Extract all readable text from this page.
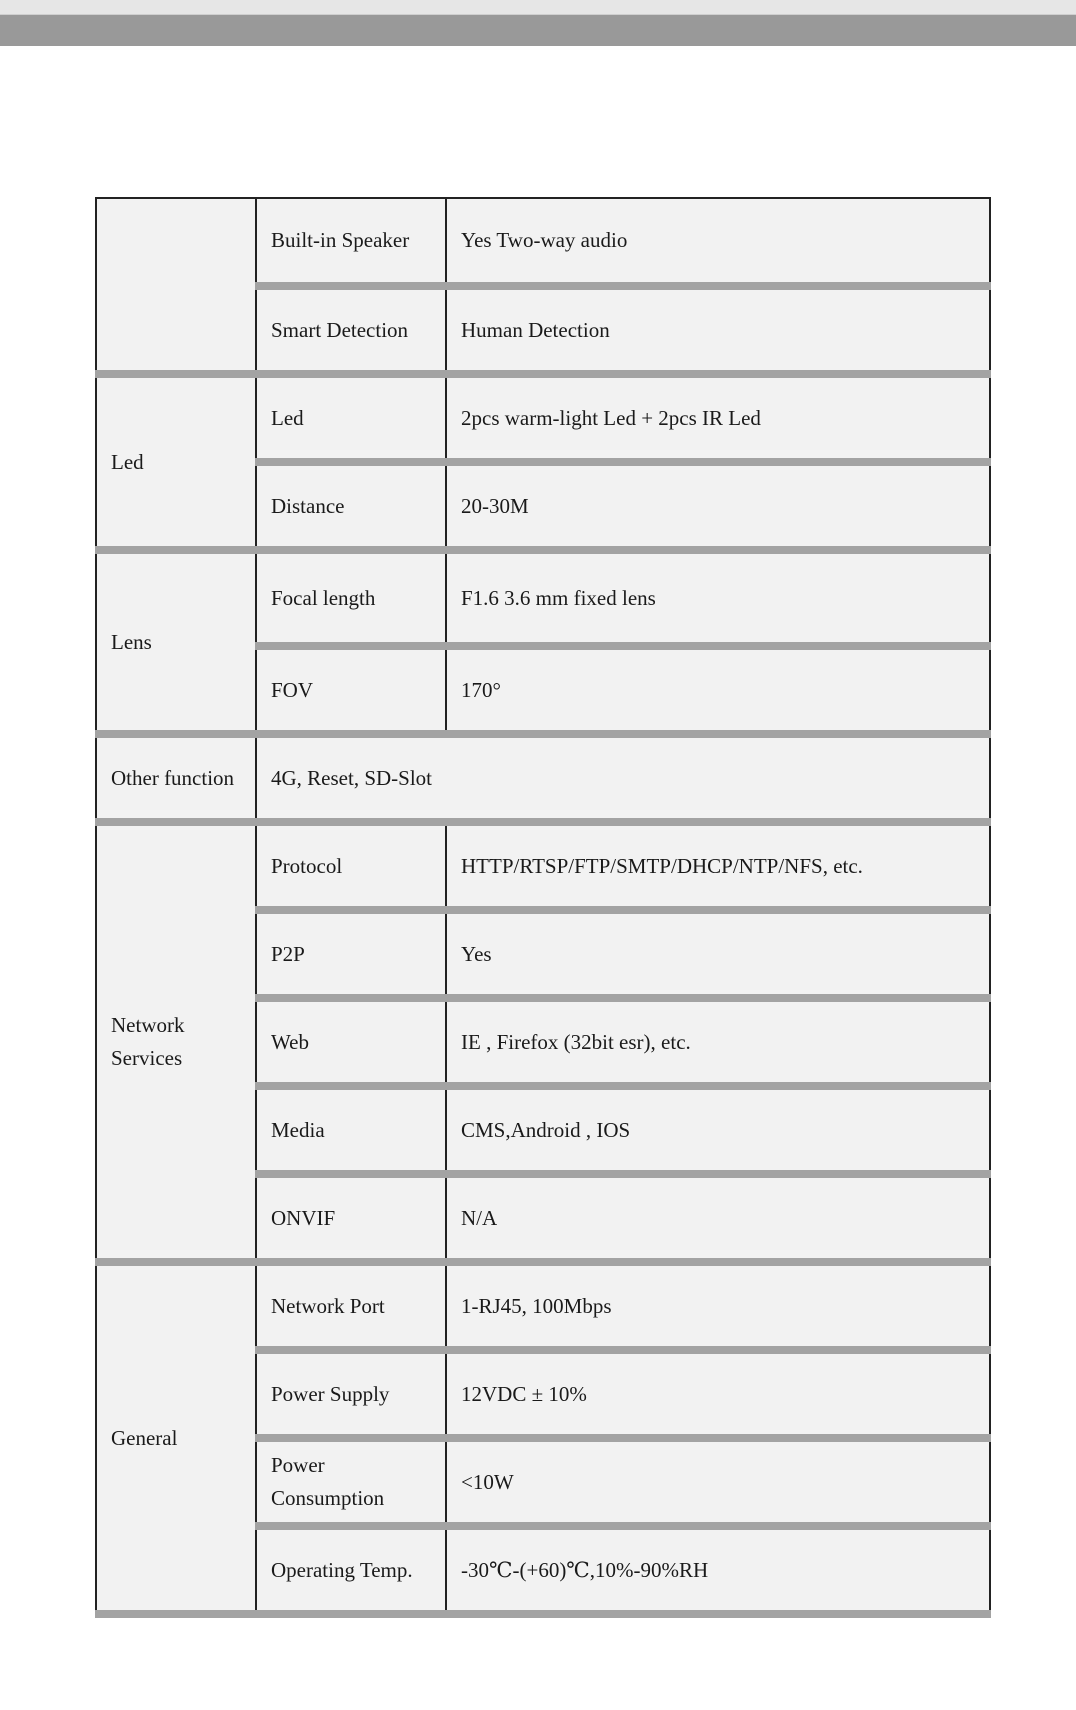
	Built-in Speaker	Yes Two-way audio
	Smart Detection	Human Detection
Led	Led	2pcs warm-light Led + 2pcs IR Led
	Distance	20-30M
Lens	Focal length	F1.6 3.6 mm fixed lens
	FOV	170°
Other function	4G, Reset, SD-Slot	
Network Services	Protocol	HTTP/RTSP/FTP/SMTP/DHCP/NTP/NFS, etc.
	P2P	Yes
	Web	IE , Firefox (32bit esr), etc.
	Media	CMS,Android , IOS
	ONVIF	N/A
General	Network Port	1-RJ45, 100Mbps
	Power Supply	12VDC ± 10%
	Power Consumption	<10W
	Operating Temp.	-30℃-(+60)℃,10%-90%RH
